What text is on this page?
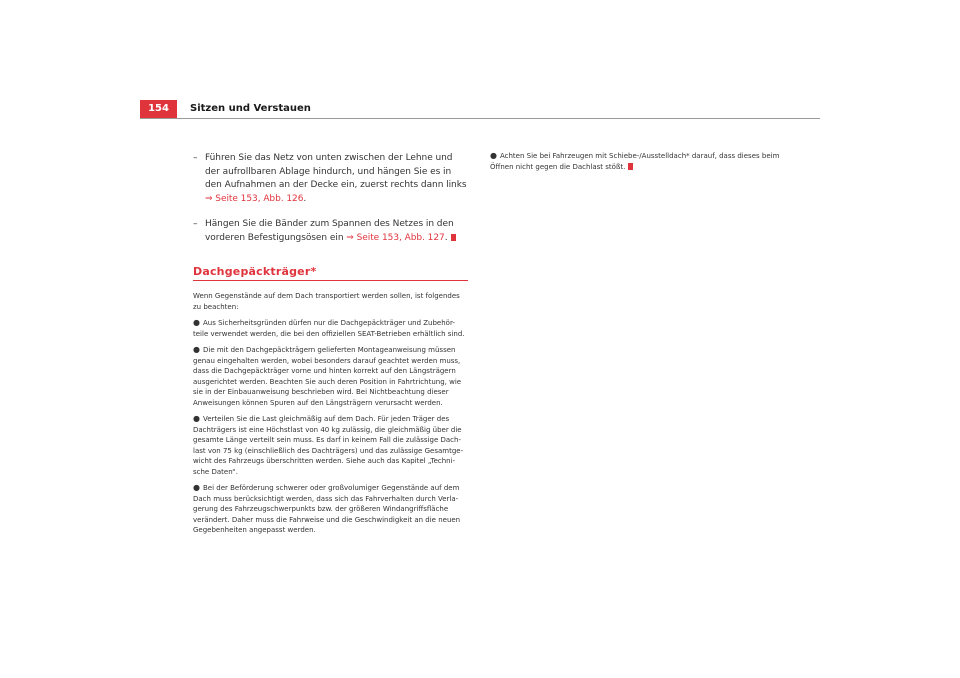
154	Sitzen und Verstauen
– Führen Sie das Netz von unten zwischen der Lehne und der aufrollbaren Ablage hindurch, und hängen Sie es in den Aufnahmen an der Decke ein, zuerst rechts dann links ⇒ Seite 153, Abb. 126.

– Hängen Sie die Bänder zum Spannen des Netzes in den vorderen Befestigungsösen ein ⇒ Seite 153, Abb. 127.

Dachgepäckträger*

Wenn Gegenstände auf dem Dach transportiert werden sollen, ist folgendes zu beachten:

● Aus Sicherheitsgründen dürfen nur die Dachgepäckträger und Zubehör-teile verwendet werden, die bei den offiziellen SEAT-Betrieben erhältlich sind.

● Die mit den Dachgepäckträgern gelieferten Montageanweisung müssen genau eingehalten werden, wobei besonders darauf geachtet werden muss, dass die Dachgepäckträger vorne und hinten korrekt auf den Längsträgern ausgerichtet werden. Beachten Sie auch deren Position in Fahrtrichtung, wie sie in der Einbauanweisung beschrieben wird. Bei Nichtbeachtung dieser Anweisungen können Spuren auf den Längsträgern verursacht werden.

● Verteilen Sie die Last gleichmäßig auf dem Dach. Für jeden Träger des Dachträgers ist eine Höchstlast von 40 kg zulässig, die gleichmäßig über die gesamte Länge verteilt sein muss. Es darf in keinem Fall die zulässige Dach-last von 75 kg (einschließlich des Dachträgers) und das zulässige Gesamtge-wicht des Fahrzeugs überschritten werden. Siehe auch das Kapitel „Techni-sche Daten“.

● Bei der Beförderung schwerer oder großvolumiger Gegenstände auf dem Dach muss berücksichtigt werden, dass sich das Fahrverhalten durch Verla-gerung des Fahrzeugschwerpunkts bzw. der größeren Windangriffsfläche verändert. Daher muss die Fahrweise und die Geschwindigkeit an die neuen Gegebenheiten angepasst werden.

● Achten Sie bei Fahrzeugen mit Schiebe-/Ausstelldach* darauf, dass dieses beim Öffnen nicht gegen die Dachlast stößt.
